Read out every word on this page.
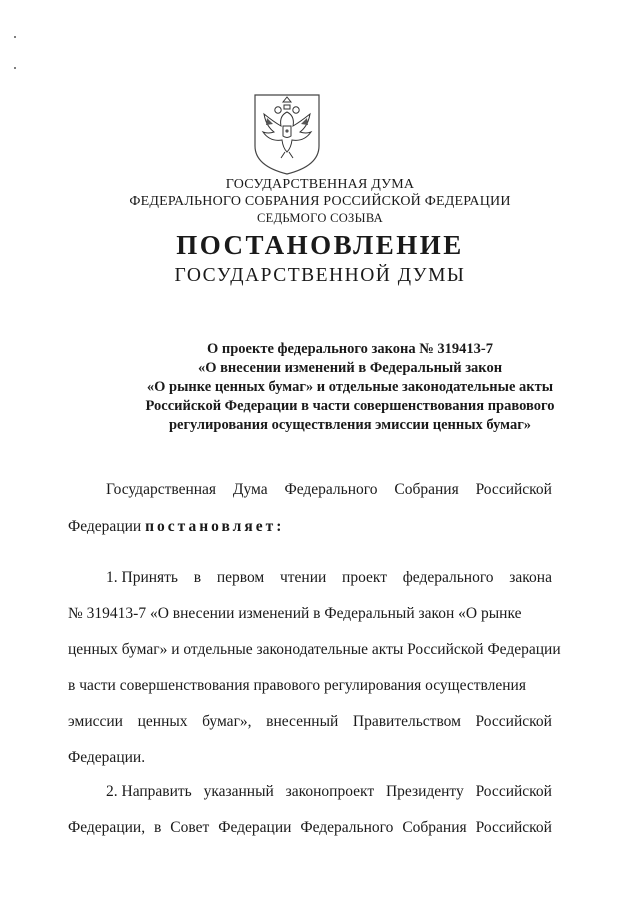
ГОСУДАРСТВЕННАЯ ДУМА
ФЕДЕРАЛЬНОГО СОБРАНИЯ РОССИЙСКОЙ ФЕДЕРАЦИИ
СЕДЬМОГО СОЗЫВА
ПОСТАНОВЛЕНИЕ
ГОСУДАРСТВЕННОЙ ДУМЫ
О проекте федерального закона № 319413-7
«О внесении изменений в Федеральный закон
«О рынке ценных бумаг» и отдельные законодательные акты
Российской Федерации в части совершенствования правового
регулирования осуществления эмиссии ценных бумаг»
Государственная Дума Федерального Собрания Российской
Федерации постановляет:
1. Принять в первом чтении проект федерального закона
№ 319413-7 «О внесении изменений в Федеральный закон «О рынке
ценных бумаг» и отдельные законодательные акты Российской Федерации
в части совершенствования правового регулирования осуществления
эмиссии ценных бумаг», внесенный Правительством Российской
Федерации.
2. Направить указанный законопроект Президенту Российской
Федерации, в Совет Федерации Федерального Собрания Российской
